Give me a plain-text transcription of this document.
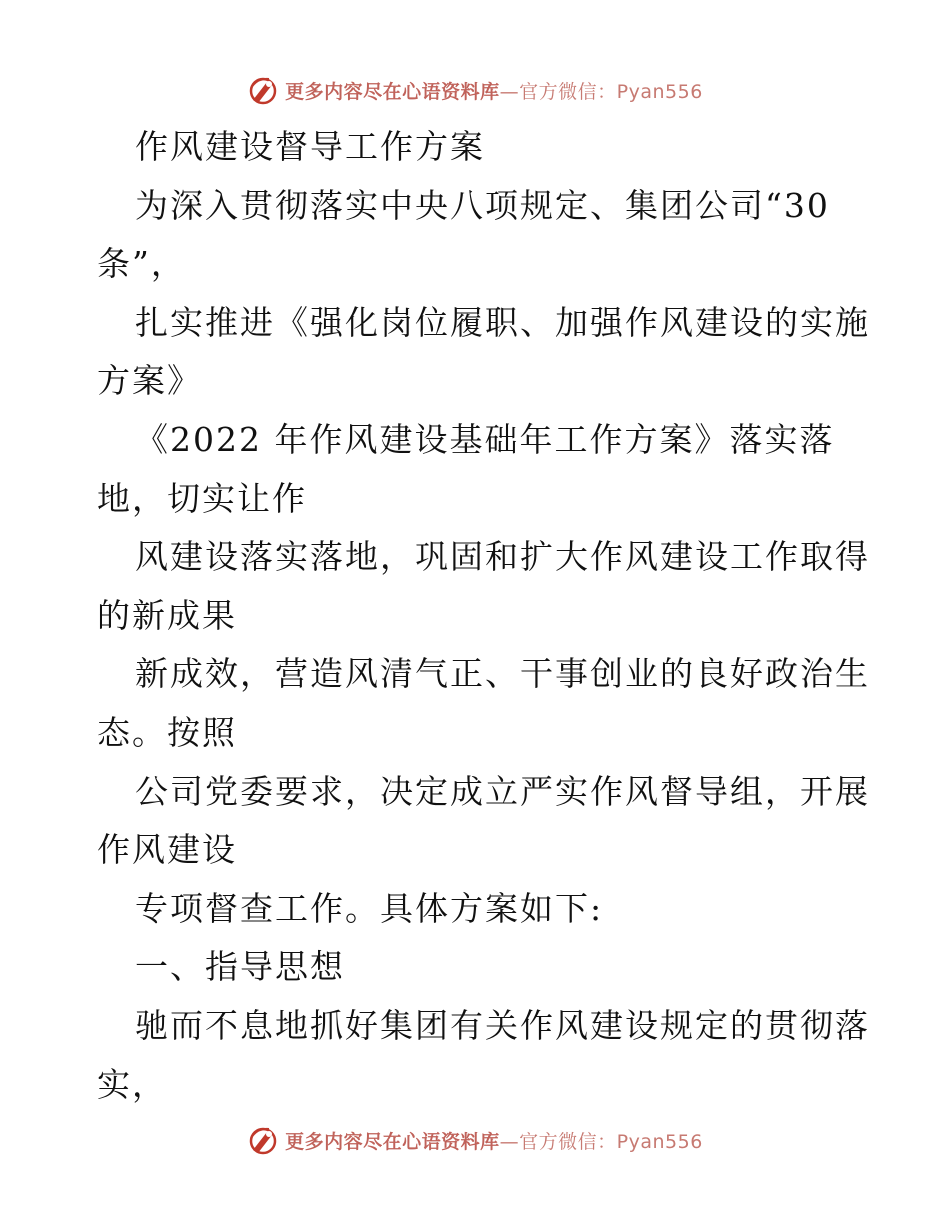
更多内容尽在心语资料库—官方微信：Pyan556
作风建设督导工作方案
为深入贯彻落实中央八项规定、集团公司“30
条”，
扎实推进《强化岗位履职、加强作风建设的实施
方案》
《2022 年作风建设基础年工作方案》落实落
地，切实让作
风建设落实落地，巩固和扩大作风建设工作取得
的新成果
新成效，营造风清气正、干事创业的良好政治生
态。按照
公司党委要求，决定成立严实作风督导组，开展
作风建设
专项督查工作。具体方案如下:
一、指导思想
驰而不息地抓好集团有关作风建设规定的贯彻落
实，
更多内容尽在心语资料库—官方微信：Pyan556
